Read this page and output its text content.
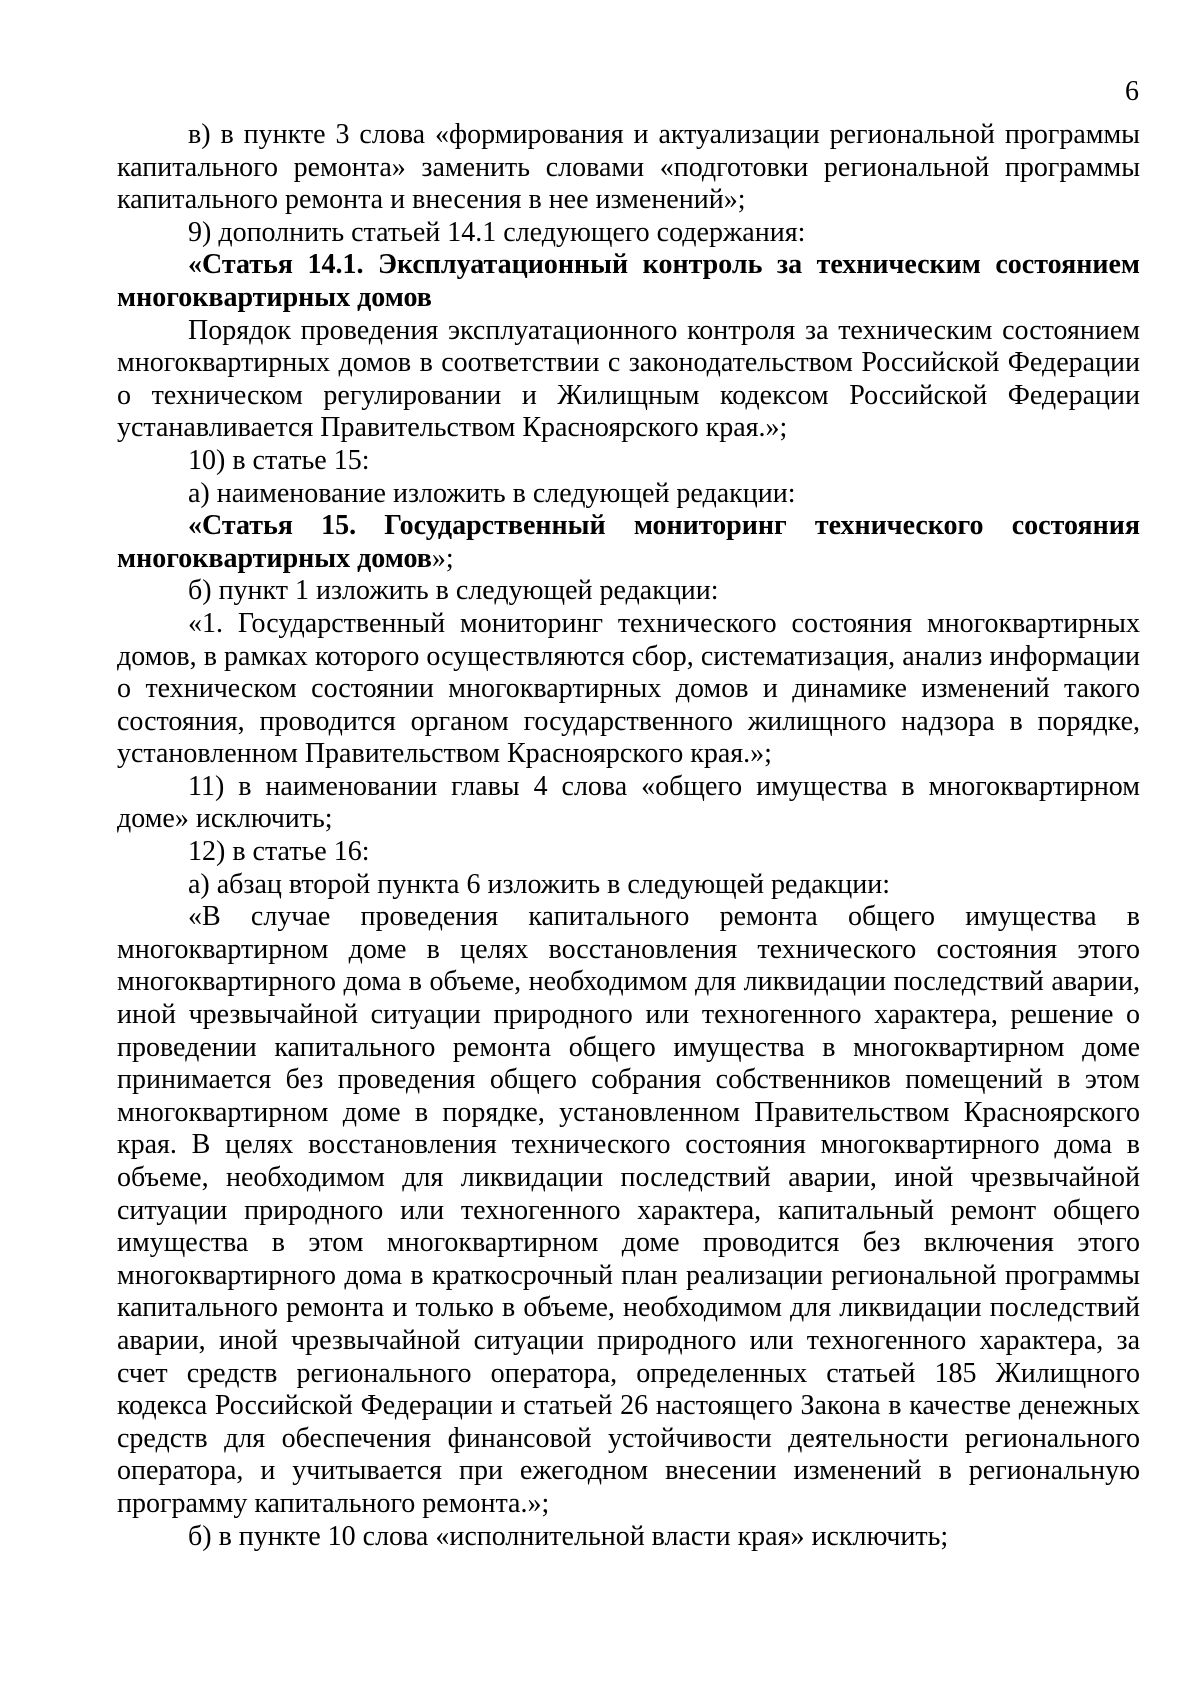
6

в) в пункте 3 слова «формирования и актуализации региональной программы капитального ремонта» заменить словами «подготовки региональной программы капитального ремонта и внесения в нее изменений»;

9) дополнить статьей 14.1 следующего содержания:

«Статья 14.1. Эксплуатационный контроль за техническим состоянием многоквартирных домов

Порядок проведения эксплуатационного контроля за техническим состоянием многоквартирных домов в соответствии с законодательством Российской Федерации о техническом регулировании и Жилищным кодексом Российской Федерации устанавливается Правительством Красноярского края.»;

10) в статье 15:

а) наименование изложить в следующей редакции:

«Статья 15. Государственный мониторинг технического состояния многоквартирных домов»;

б) пункт 1 изложить в следующей редакции:

«1. Государственный мониторинг технического состояния многоквартирных домов, в рамках которого осуществляются сбор, систематизация, анализ информации о техническом состоянии многоквартирных домов и динамике изменений такого состояния, проводится органом государственного жилищного надзора в порядке, установленном Правительством Красноярского края.»;

11) в наименовании главы 4 слова «общего имущества в многоквартирном доме» исключить;

12) в статье 16:

а) абзац второй пункта 6 изложить в следующей редакции:

«В случае проведения капитального ремонта общего имущества в многоквартирном доме в целях восстановления технического состояния этого многоквартирного дома в объеме, необходимом для ликвидации последствий аварии, иной чрезвычайной ситуации природного или техногенного характера, решение о проведении капитального ремонта общего имущества в многоквартирном доме принимается без проведения общего собрания собственников помещений в этом многоквартирном доме в порядке, установленном Правительством Красноярского края. В целях восстановления технического состояния многоквартирного дома в объеме, необходимом для ликвидации последствий аварии, иной чрезвычайной ситуации природного или техногенного характера, капитальный ремонт общего имущества в этом многоквартирном доме проводится без включения этого многоквартирного дома в краткосрочный план реализации региональной программы капитального ремонта и только в объеме, необходимом для ликвидации последствий аварии, иной чрезвычайной ситуации природного или техногенного характера, за счет средств регионального оператора, определенных статьей 185 Жилищного кодекса Российской Федерации и статьей 26 настоящего Закона в качестве денежных средств для обеспечения финансовой устойчивости деятельности регионального оператора, и учитывается при ежегодном внесении изменений в региональную программу капитального ремонта.»;

б) в пункте 10 слова «исполнительной власти края» исключить;
